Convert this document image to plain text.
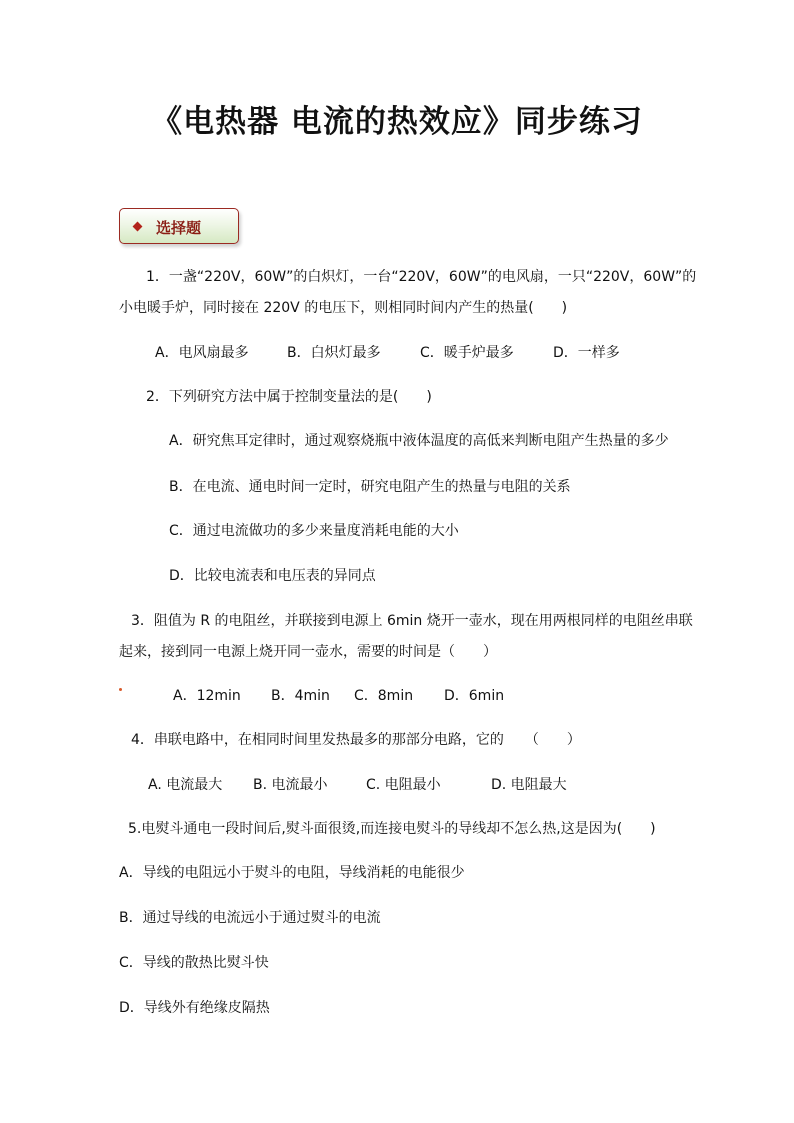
《电热器 电流的热效应》同步练习
选择题
1．一盏“220V，60W”的白炽灯，一台“220V，60W”的电风扇，一只“220V，60W”的
小电暖手炉，同时接在 220V 的电压下，则相同时间内产生的热量(　　)
A．电风扇最多	B．白炽灯最多	C．暖手炉最多	D．一样多
2．下列研究方法中属于控制变量法的是(　　)
A．研究焦耳定律时，通过观察烧瓶中液体温度的高低来判断电阻产生热量的多少
B．在电流、通电时间一定时，研究电阻产生的热量与电阻的关系
C．通过电流做功的多少来量度消耗电能的大小
D．比较电流表和电压表的异同点
3．阻值为 R 的电阻丝，并联接到电源上 6min 烧开一壶水，现在用两根同样的电阻丝串联
起来，接到同一电源上烧开同一壶水，需要的时间是（　　）
A．12min B．4min C．8min D．6min
4．串联电路中，在相同时间里发热最多的那部分电路，它的　　（　　）
A. 电流最大 B. 电流最小	C. 电阻最小	D. 电阻最大
5.电熨斗通电一段时间后,熨斗面很烫,而连接电熨斗的导线却不怎么热,这是因为(　　)
A．导线的电阻远小于熨斗的电阻，导线消耗的电能很少
B．通过导线的电流远小于通过熨斗的电流
C．导线的散热比熨斗快
D．导线外有绝缘皮隔热
